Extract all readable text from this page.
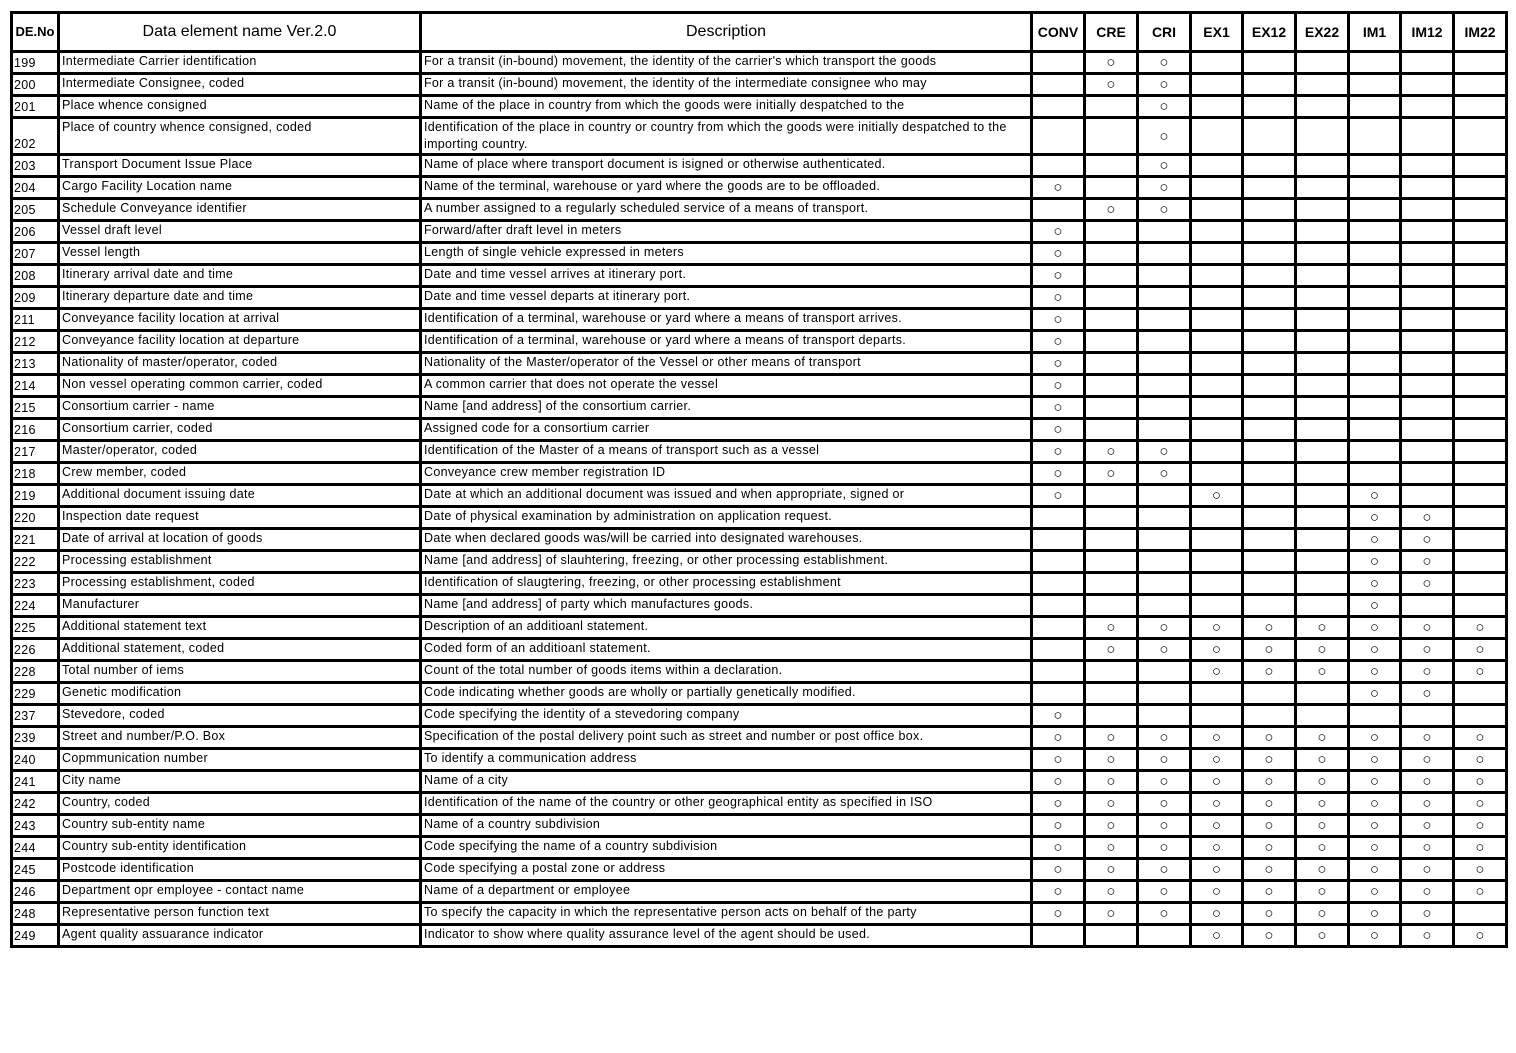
DE.No	Data element name Ver.2.0	Description	CONV	CRE	CRI	EX1	EX12	EX22	IM1	IM12	IM22
199	Intermediate Carrier identification	For a transit (in-bound) movement, the identity of the carrier's which transport the goods		○	○						
200	Intermediate Consignee, coded	For a transit (in-bound) movement, the identity of the intermediate consignee who may		○	○						
201	Place whence consigned	Name of the place in country from which the goods were initially despatched to the			○						
202	Place of country whence consigned, coded	Identification of the place in country or country from which the goods were initially despatched to the importing country.			○						
203	Transport Document Issue Place	Name of place where transport document is isigned or otherwise authenticated.			○						
204	Cargo Facility Location name	Name of the terminal, warehouse or yard where the goods are to be offloaded.	○		○						
205	Schedule Conveyance identifier	A number assigned to a regularly scheduled service of a means of transport.		○	○						
206	Vessel draft level	Forward/after draft level in meters	○								
207	Vessel length	Length of single vehicle expressed in meters	○								
208	Itinerary arrival date and time	Date and time vessel arrives at itinerary port.	○								
209	Itinerary departure date and time	Date and time vessel departs at itinerary port.	○								
211	Conveyance facility location at arrival	Identification of a terminal, warehouse or yard where a means of transport arrives.	○								
212	Conveyance facility location at departure	Identification of a terminal, warehouse or yard where a means of transport departs.	○								
213	Nationality of master/operator, coded	Nationality of the Master/operator of the Vessel or other means of transport	○								
214	Non vessel operating common carrier, coded	A common carrier that does not operate the vessel	○								
215	Consortium carrier - name	Name [and address] of the consortium carrier.	○								
216	Consortium carrier, coded	Assigned code for a consortium carrier	○								
217	Master/operator, coded	Identification of the Master of a means of transport such as a vessel	○	○	○						
218	Crew member, coded	Conveyance crew member registration ID	○	○	○						
219	Additional document issuing date	Date at which an additional document was issued and when appropriate, signed or	○			○			○		
220	Inspection date request	Date of physical examination by administration on application request.							○	○	
221	Date of arrival at location of goods	Date when declared goods was/will be carried into designated warehouses.							○	○	
222	Processing establishment	Name [and address] of slauhtering, freezing, or other processing establishment.							○	○	
223	Processing establishment, coded	Identification of slaugtering, freezing, or other processing establishment							○	○	
224	Manufacturer	Name [and address] of party which manufactures goods.							○		
225	Additional statement text	Description of an additioanl statement.		○	○	○	○	○	○	○	○
226	Additional statement, coded	Coded form of an additioanl statement.		○	○	○	○	○	○	○	○
228	Total number of iems	Count of the total number of goods items within a declaration.				○	○	○	○	○	○
229	Genetic modification	Code indicating whether goods are wholly or partially genetically modified.							○	○	
237	Stevedore, coded	Code specifying the identity of a stevedoring company	○								
239	Street and number/P.O. Box	Specification of the postal delivery point such as street and number or post office box.	○	○	○	○	○	○	○	○	○
240	Copmmunication number	To identify a communication address	○	○	○	○	○	○	○	○	○
241	City name	Name of a city	○	○	○	○	○	○	○	○	○
242	Country, coded	Identification of the name of the country or other geographical entity as specified in ISO	○	○	○	○	○	○	○	○	○
243	Country sub-entity name	Name of a country subdivision	○	○	○	○	○	○	○	○	○
244	Country sub-entity identification	Code specifying the name of a country subdivision	○	○	○	○	○	○	○	○	○
245	Postcode identification	Code specifying a postal zone or address	○	○	○	○	○	○	○	○	○
246	Department opr employee - contact name	Name of a department or employee	○	○	○	○	○	○	○	○	○
248	Representative person function text	To specify the capacity in which the representative person acts on behalf of the party	○	○	○	○	○	○	○	○	
249	Agent quality assuarance indicator	Indicator to show where quality assurance level of the agent should be used.				○	○	○	○	○	○
